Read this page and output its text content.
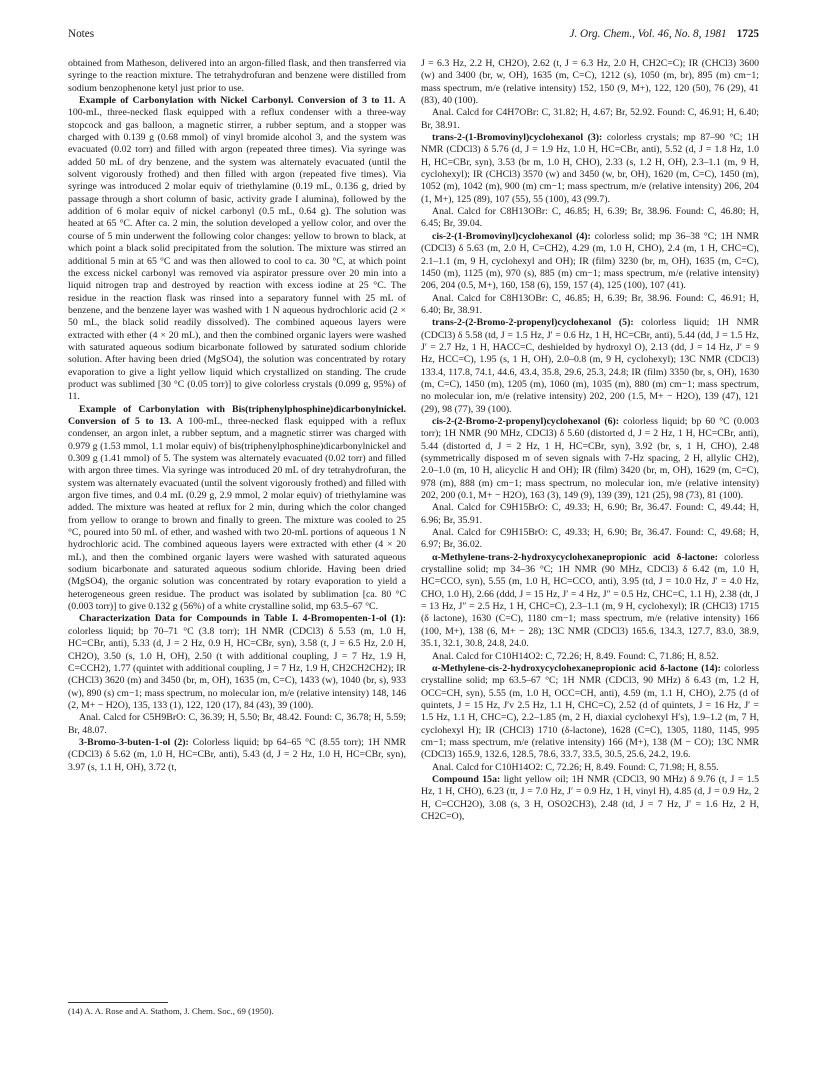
Notes	J. Org. Chem., Vol. 46, No. 8, 1981 1725

obtained from Matheson, delivered into an argon-filled flask, and then transferred via syringe to the reaction mixture. The tetrahydrofuran and benzene were distilled from sodium benzophenone ketyl just prior to use.

Example of Carbonylation with Nickel Carbonyl. Conversion of 3 to 11. A 100-mL, three-necked flask equipped with a reflux condenser with a three-way stopcock and gas balloon, a magnetic stirrer, a rubber septum, and a stopper was charged with 0.139 g (0.68 mmol) of vinyl bromide alcohol 3, and the system was evacuated (0.02 torr) and filled with argon (repeated three times). Via syringe was added 50 mL of dry benzene, and the system was alternately evacuated (until the solvent vigorously frothed) and then filled with argon (repeated five times). Via syringe was introduced 2 molar equiv of triethylamine (0.19 mL, 0.136 g, dried by passage through a short column of basic, activity grade I alumina), followed by the addition of 6 molar equiv of nickel carbonyl (0.5 mL, 0.64 g). The solution was heated at 65 °C. After ca. 2 min, the solution developed a yellow color, and over the course of 5 min underwent the following color changes: yellow to brown to black, at which point a black solid precipitated from the solution. The mixture was stirred an additional 5 min at 65 °C and was then allowed to cool to ca. 30 °C, at which point the excess nickel carbonyl was removed via aspirator pressure over 20 min into a liquid nitrogen trap and destroyed by reaction with excess iodine at 25 °C. The residue in the reaction flask was rinsed into a separatory funnel with 25 mL of benzene, and the benzene layer was washed with 1 N aqueous hydrochloric acid (2 × 50 mL, the black solid readily dissolved). The combined aqueous layers were extracted with ether (4 × 20 mL), and then the combined organic layers were washed with saturated aqueous sodium bicarbonate followed by saturated sodium chloride solution. After having been dried (MgSO4), the solution was concentrated by rotary evaporation to give a light yellow liquid which crystallized on standing. The crude product was sublimed [30 °C (0.05 torr)] to give colorless crystals (0.099 g, 95%) of 11.

Example of Carbonylation with Bis(triphenylphosphine)dicarbonylnickel. Conversion of 5 to 13. A 100-mL, three-necked flask equipped with a reflux condenser, an argon inlet, a rubber septum, and a magnetic stirrer was charged with 0.979 g (1.53 mmol, 1.1 molar equiv) of bis(triphenylphosphine)dicarbonylnickel and 0.309 g (1.41 mmol) of 5. The system was alternately evacuated (0.02 torr) and filled with argon three times. Via syringe was introduced 20 mL of dry tetrahydrofuran, the system was alternately evacuated (until the solvent vigorously frothed) and filled with argon five times, and 0.4 mL (0.29 g, 2.9 mmol, 2 molar equiv) of triethylamine was added. The mixture was heated at reflux for 2 min, during which the color changed from yellow to orange to brown and finally to green. The mixture was cooled to 25 °C, poured into 50 mL of ether, and washed with two 20-mL portions of aqueous 1 N hydrochloric acid. The combined aqueous layers were extracted with ether (4 × 20 mL), and then the combined organic layers were washed with saturated aqueous sodium bicarbonate and saturated aqueous sodium chloride. Having been dried (MgSO4), the organic solution was concentrated by rotary evaporation to yield a heterogeneous green residue. The product was isolated by sublimation [ca. 80 °C (0.003 torr)] to give 0.132 g (56%) of a white crystalline solid, mp 63.5–67 °C.

Characterization Data for Compounds in Table I. 4-Bromopenten-1-ol (1): colorless liquid; bp 70–71 °C (3.8 torr); 1H NMR (CDCl3) δ 5.53 (m, 1.0 H, HC=CBr, anti), 5.33 (d, J = 2 Hz, 0.9 H, HC=CBr, syn), 3.58 (t, J = 6.5 Hz, 2.0 H, CH2O), 3.50 (s, 1.0 H, OH), 2.50 (t with additional coupling, J = 7 Hz, 1.9 H, C=CCH2), 1.77 (quintet with additional coupling, J = 7 Hz, 1.9 H, CH2CH2CH2); IR (CHCl3) 3620 (m) and 3450 (br, m, OH), 1635 (m, C=C), 1433 (w), 1040 (br, s), 933 (w), 890 (s) cm−1; mass spectrum, no molecular ion, m/e (relative intensity) 148, 146 (2, M+ − H2O), 135, 133 (1), 122, 120 (17), 84 (43), 39 (100).

Anal. Calcd for C5H9BrO: C, 36.39; H, 5.50; Br, 48.42. Found: C, 36.78; H, 5.59; Br, 48.07.

3-Bromo-3-buten-1-ol (2): Colorless liquid; bp 64–65 °C (8.55 torr); 1H NMR (CDCl3) δ 5.62 (m, 1.0 H, HC=CBr, anti), 5.43 (d, J = 2 Hz, 1.0 H, HC=CBr, syn), 3.97 (s, 1.1 H, OH), 3.72 (t,

J = 6.3 Hz, 2.2 H, CH2O), 2.62 (t, J = 6.3 Hz, 2.0 H, CH2C=C); IR (CHCl3) 3600 (w) and 3400 (br, w, OH), 1635 (m, C=C), 1212 (s), 1050 (m, br), 895 (m) cm−1; mass spectrum, m/e (relative intensity) 152, 150 (9, M+), 122, 120 (50), 76 (29), 41 (83), 40 (100).

Anal. Calcd for C4H7OBr: C, 31.82; H, 4.67; Br, 52.92. Found: C, 46.91; H, 6.40; Br, 38.91.

trans-2-(1-Bromovinyl)cyclohexanol (3): colorless crystals; mp 87–90 °C; 1H NMR (CDCl3) δ 5.76 (d, J = 1.9 Hz, 1.0 H, HC=CBr, anti), 5.52 (d, J = 1.8 Hz, 1.0 H, HC=CBr, syn), 3.53 (br m, 1.0 H, CHO), 2.33 (s, 1.2 H, OH), 2.3–1.1 (m, 9 H, cyclohexyl); IR (CHCl3) 3570 (w) and 3450 (w, br, OH), 1620 (m, C=C), 1450 (m), 1052 (m), 1042 (m), 900 (m) cm−1; mass spectrum, m/e (relative intensity) 206, 204 (1, M+), 125 (89), 107 (55), 55 (100), 43 (99.7).

Anal. Calcd for C8H13OBr: C, 46.85; H, 6.39; Br, 38.96. Found: C, 46.80; H, 6.45; Br, 39.04.

cis-2-(1-Bromovinyl)cyclohexanol (4): colorless solid; mp 36–38 °C; 1H NMR (CDCl3) δ 5.63 (m, 2.0 H, C=CH2), 4.29 (m, 1.0 H, CHO), 2.4 (m, 1 H, CHC=C), 2.1–1.1 (m, 9 H, cyclohexyl and OH); IR (film) 3230 (br, m, OH), 1635 (m, C=C), 1450 (m), 1125 (m), 970 (s), 885 (m) cm−1; mass spectrum, m/e (relative intensity) 206, 204 (0.5, M+), 160, 158 (6), 159, 157 (4), 125 (100), 107 (41).

Anal. Calcd for C8H13OBr: C, 46.85; H, 6.39; Br, 38.96. Found: C, 46.91; H, 6.40; Br, 38.91.

trans-2-(2-Bromo-2-propenyl)cyclohexanol (5): colorless liquid; 1H NMR (CDCl3) δ 5.58 (td, J = 1.5 Hz, J′ = 0.6 Hz, 1 H, HC=CBr, anti), 5.44 (dd, J = 1.5 Hz, J′ = 2.7 Hz, 1 H, HACC=C, deshielded by hydroxyl O), 2.13 (dd, J = 14 Hz, J′ = 9 Hz, HCC=C), 1.95 (s, 1 H, OH), 2.0–0.8 (m, 9 H, cyclohexyl); 13C NMR (CDCl3) 133.4, 117.8, 74.1, 44.6, 43.4, 35.8, 29.6, 25.3, 24.8; IR (film) 3350 (br, s, OH), 1630 (m, C=C), 1450 (m), 1205 (m), 1060 (m), 1035 (m), 880 (m) cm−1; mass spectrum, no molecular ion, m/e (relative intensity) 202, 200 (1.5, M+ − H2O), 139 (47), 121 (29), 98 (77), 39 (100).

cis-2-(2-Bromo-2-propenyl)cyclohexanol (6): colorless liquid; bp 60 °C (0.003 torr); 1H NMR (90 MHz, CDCl3) δ 5.60 (distorted d, J = 2 Hz, 1 H, HC=CBr, anti), 5.44 (distorted d, J = 2 Hz, 1 H, HC=CBr, syn), 3.92 (br, s, 1 H, CHO), 2.48 (symmetrically disposed m of seven signals with 7-Hz spacing, 2 H, allylic CH2), 2.0–1.0 (m, 10 H, alicyclic H and OH); IR (film) 3420 (br, m, OH), 1629 (m, C=C), 978 (m), 888 (m) cm−1; mass spectrum, no molecular ion, m/e (relative intensity) 202, 200 (0.1, M+ − H2O), 163 (3), 149 (9), 139 (39), 121 (25), 98 (73), 81 (100).

Anal. Calcd for C9H15BrO: C, 49.33; H, 6.90; Br, 36.47. Found: C, 49.44; H, 6.96; Br, 35.91.

Anal. Calcd for C9H15BrO: C, 49.33; H, 6.90; Br, 36.47. Found: C, 49.68; H, 6.97; Br, 36.02.

α-Methylene-trans-2-hydroxycyclohexanepropionic acid δ-lactone: colorless crystalline solid; mp 34–36 °C; 1H NMR (90 MHz, CDCl3) δ 6.42 (m, 1.0 H, HC=CCO, syn), 5.55 (m, 1.0 H, HC=CCO, anti), 3.95 (td, J = 10.0 Hz, J′ = 4.0 Hz, CHO, 1.0 H), 2.66 (ddd, J = 15 Hz, J′ = 4 Hz, J″ = 0.5 Hz, CHC=C, 1.1 H), 2.38 (dt, J = 13 Hz, J″ = 2.5 Hz, 1 H, CHC=C), 2.3–1.1 (m, 9 H, cyclohexyl); IR (CHCl3) 1715 (δ lactone), 1630 (C=C), 1180 cm−1; mass spectrum, m/e (relative intensity) 166 (100, M+), 138 (6, M+ − 28); 13C NMR (CDCl3) 165.6, 134.3, 127.7, 83.0, 38.9, 35.1, 32.1, 30.8, 24.8, 24.0.

Anal. Calcd for C10H14O2: C, 72.26; H, 8.49. Found: C, 71.86; H, 8.52.

α-Methylene-cis-2-hydroxycyclohexanepropionic acid δ-lactone (14): colorless crystalline solid; mp 63.5–67 °C; 1H NMR (CDCl3, 90 MHz) δ 6.43 (m, 1.2 H, OCC=CH, syn), 5.55 (m, 1.0 H, OCC=CH, anti), 4.59 (m, 1.1 H, CHO), 2.75 (d of quintets, J = 15 Hz, J′v 2.5 Hz, 1.1 H, CHC=C), 2.52 (d of quintets, J = 16 Hz, J′ = 1.5 Hz, 1.1 H, CHC=C), 2.2–1.85 (m, 2 H, diaxial cyclohexyl H′s), 1.9–1.2 (m, 7 H, cyclohexyl H); IR (CHCl3) 1710 (δ-lactone), 1628 (C=C), 1305, 1180, 1145, 995 cm−1; mass spectrum, m/e (relative intensity) 166 (M+), 138 (M − CO); 13C NMR (CDCl3) 165.9, 132.6, 128.5, 78.6, 33.7, 33.5, 30.5, 25.6, 24.2, 19.6.

Anal. Calcd for C10H14O2: C, 72.26; H, 8.49. Found: C, 71.98; H, 8.55.

Compound 15a: light yellow oil; 1H NMR (CDCl3, 90 MHz) δ 9.76 (t, J = 1.5 Hz, 1 H, CHO), 6.23 (tt, J = 7.0 Hz, J′ = 0.9 Hz, 1 H, vinyl H), 4.85 (d, J = 0.9 Hz, 2 H, C=CCH2O), 3.08 (s, 3 H, OSO2CH3), 2.48 (td, J = 7 Hz, J′ = 1.6 Hz, 2 H, CH2C=O),

(14) A. A. Rose and A. Stathom, J. Chem. Soc., 69 (1950).
